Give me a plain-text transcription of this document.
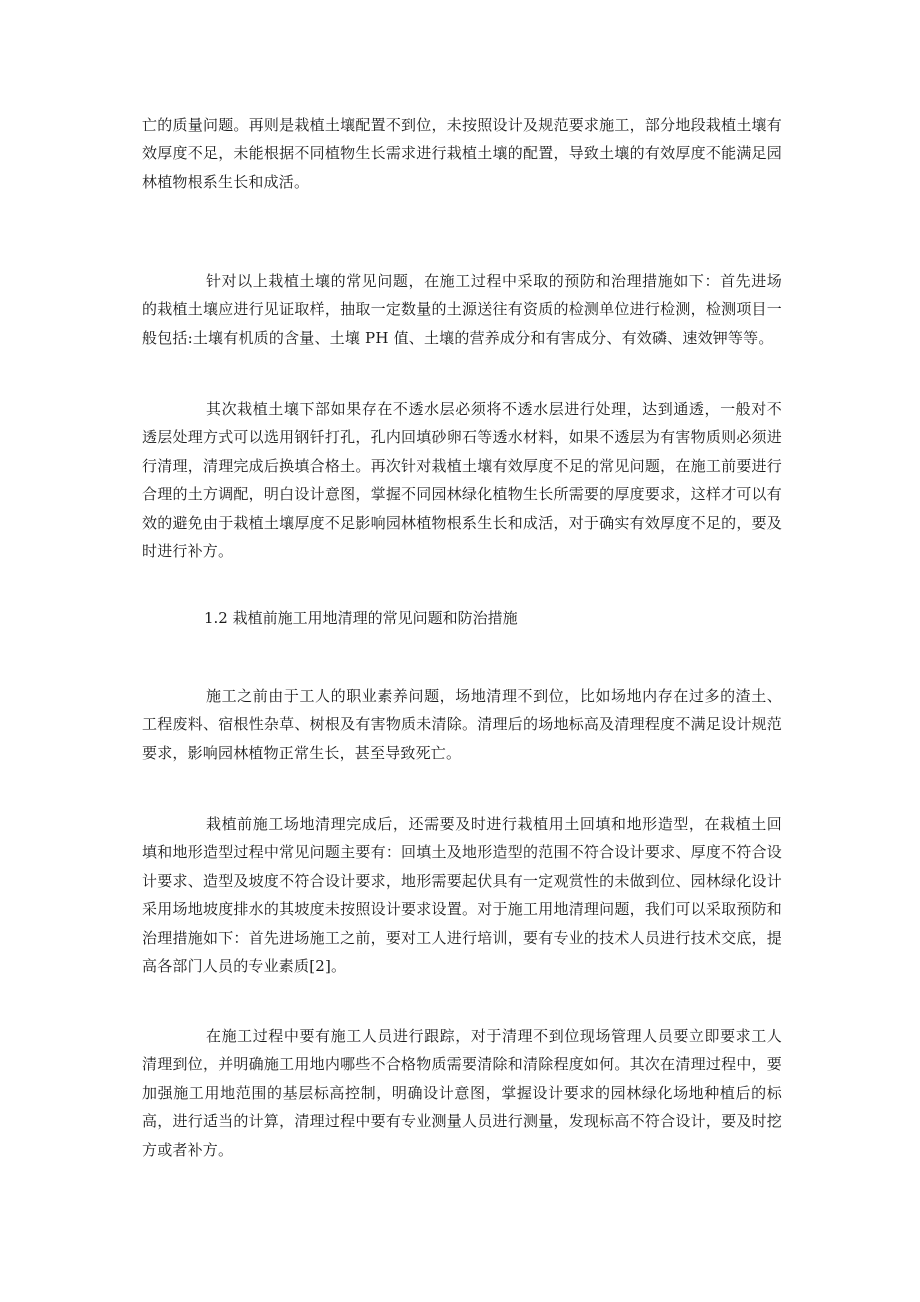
亡的质量问题。再则是栽植土壤配置不到位，未按照设计及规范要求施工，部分地段栽植土壤有效厚度不足，未能根据不同植物生长需求进行栽植土壤的配置，导致土壤的有效厚度不能满足园林植物根系生长和成活。

针对以上栽植土壤的常见问题，在施工过程中采取的预防和治理措施如下：首先进场的栽植土壤应进行见证取样，抽取一定数量的土源送往有资质的检测单位进行检测，检测项目一般包括:土壤有机质的含量、土壤 PH 值、土壤的营养成分和有害成分、有效磷、速效钾等等。

其次栽植土壤下部如果存在不透水层必须将不透水层进行处理，达到通透，一般对不透层处理方式可以选用钢钎打孔，孔内回填砂卵石等透水材料，如果不透层为有害物质则必须进行清理，清理完成后换填合格土。再次针对栽植土壤有效厚度不足的常见问题，在施工前要进行合理的土方调配，明白设计意图，掌握不同园林绿化植物生长所需要的厚度要求，这样才可以有效的避免由于栽植土壤厚度不足影响园林植物根系生长和成活，对于确实有效厚度不足的，要及时进行补方。

1.2 栽植前施工用地清理的常见问题和防治措施

施工之前由于工人的职业素养问题，场地清理不到位，比如场地内存在过多的渣土、工程废料、宿根性杂草、树根及有害物质未清除。清理后的场地标高及清理程度不满足设计规范要求，影响园林植物正常生长，甚至导致死亡。

栽植前施工场地清理完成后，还需要及时进行栽植用土回填和地形造型，在栽植土回填和地形造型过程中常见问题主要有：回填土及地形造型的范围不符合设计要求、厚度不符合设计要求、造型及坡度不符合设计要求，地形需要起伏具有一定观赏性的未做到位、园林绿化设计采用场地坡度排水的其坡度未按照设计要求设置。对于施工用地清理问题，我们可以采取预防和治理措施如下：首先进场施工之前，要对工人进行培训，要有专业的技术人员进行技术交底，提高各部门人员的专业素质[2]。

在施工过程中要有施工人员进行跟踪，对于清理不到位现场管理人员要立即要求工人清理到位，并明确施工用地内哪些不合格物质需要清除和清除程度如何。其次在清理过程中，要加强施工用地范围的基层标高控制，明确设计意图，掌握设计要求的园林绿化场地种植后的标高，进行适当的计算，清理过程中要有专业测量人员进行测量，发现标高不符合设计，要及时挖方或者补方。
